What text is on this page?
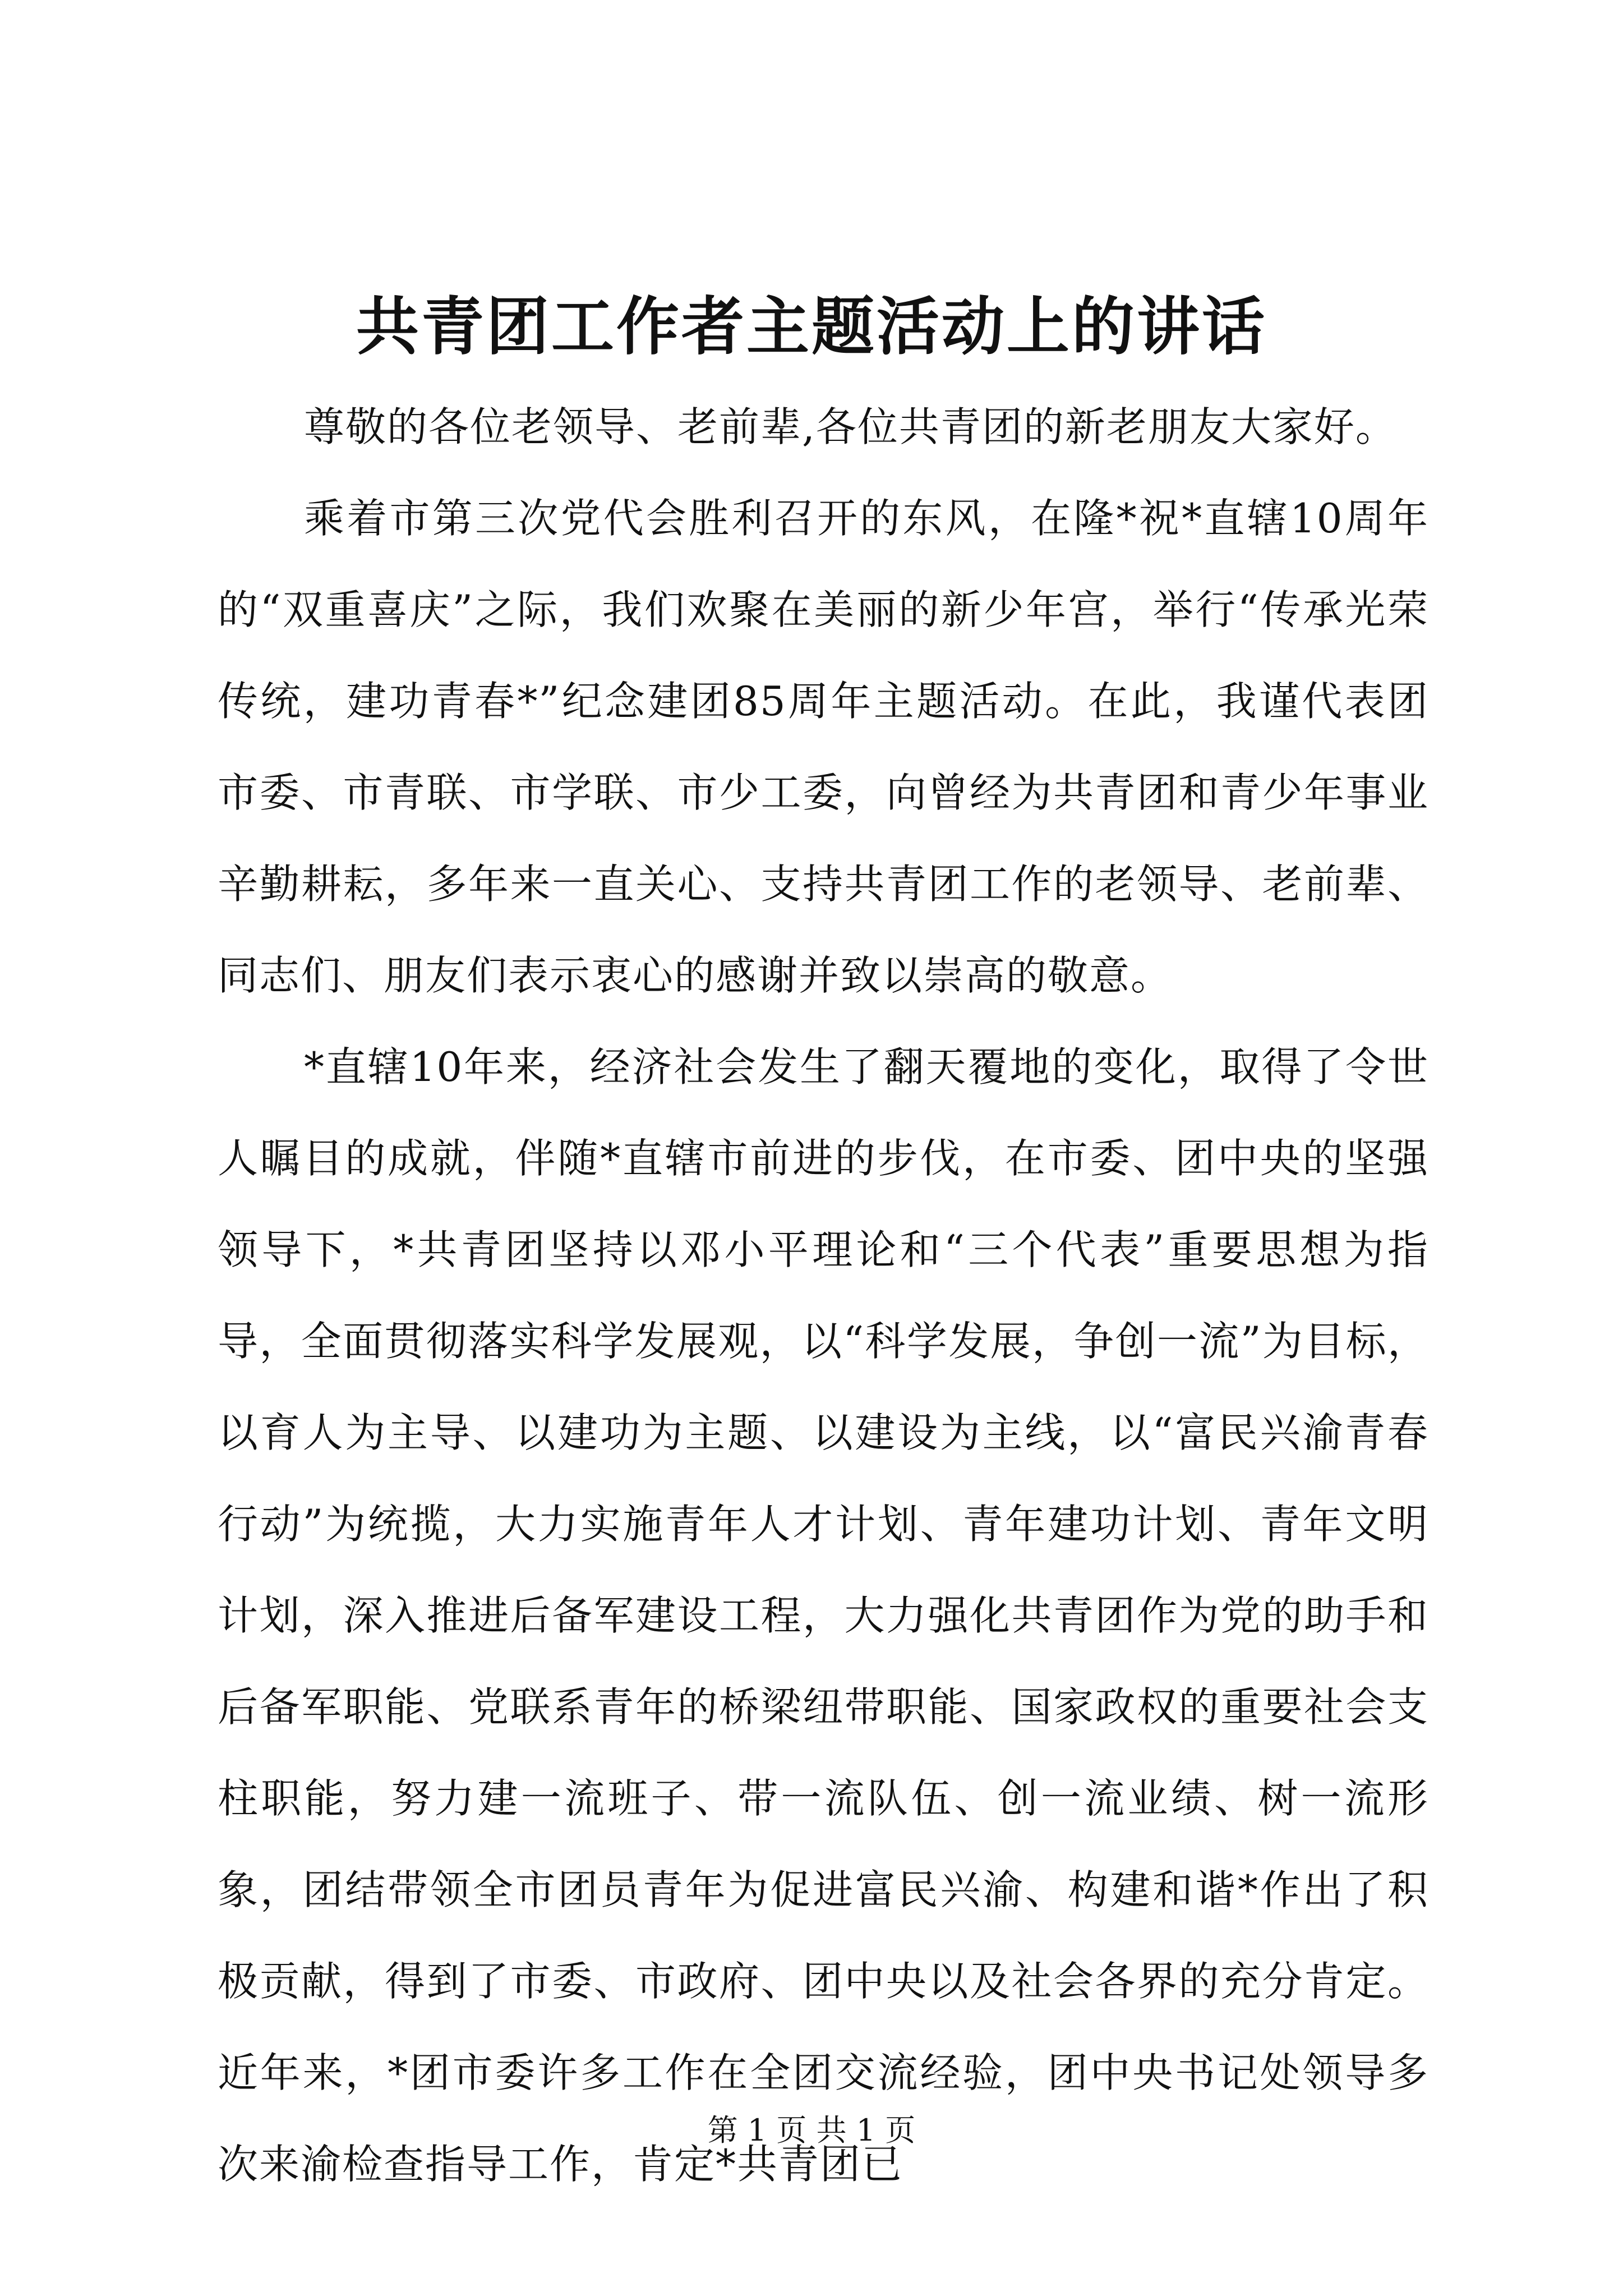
共青团工作者主题活动上的讲话

尊敬的各位老领导、老前辈,各位共青团的新老朋友大家好。

乘着市第三次党代会胜利召开的东风，在隆*祝*直辖10周年的“双重喜庆”之际，我们欢聚在美丽的新少年宫，举行“传承光荣传统，建功青春*”纪念建团85周年主题活动。在此，我谨代表团市委、市青联、市学联、市少工委，向曾经为共青团和青少年事业辛勤耕耘，多年来一直关心、支持共青团工作的老领导、老前辈、同志们、朋友们表示衷心的感谢并致以崇高的敬意。

*直辖10年来，经济社会发生了翻天覆地的变化，取得了令世人瞩目的成就，伴随*直辖市前进的步伐，在市委、团中央的坚强领导下，*共青团坚持以邓小平理论和“三个代表”重要思想为指导，全面贯彻落实科学发展观，以“科学发展，争创一流”为目标，以育人为主导、以建功为主题、以建设为主线，以“富民兴渝青春行动”为统揽，大力实施青年人才计划、青年建功计划、青年文明计划，深入推进后备军建设工程，大力强化共青团作为党的助手和后备军职能、党联系青年的桥梁纽带职能、国家政权的重要社会支柱职能，努力建一流班子、带一流队伍、创一流业绩、树一流形象，团结带领全市团员青年为促进富民兴渝、构建和谐*作出了积极贡献，得到了市委、市政府、团中央以及社会各界的充分肯定。近年来，*团市委许多工作在全团交流经验，团中央书记处领导多次来渝检查指导工作，肯定*共青团已

第 1 页 共 1 页
